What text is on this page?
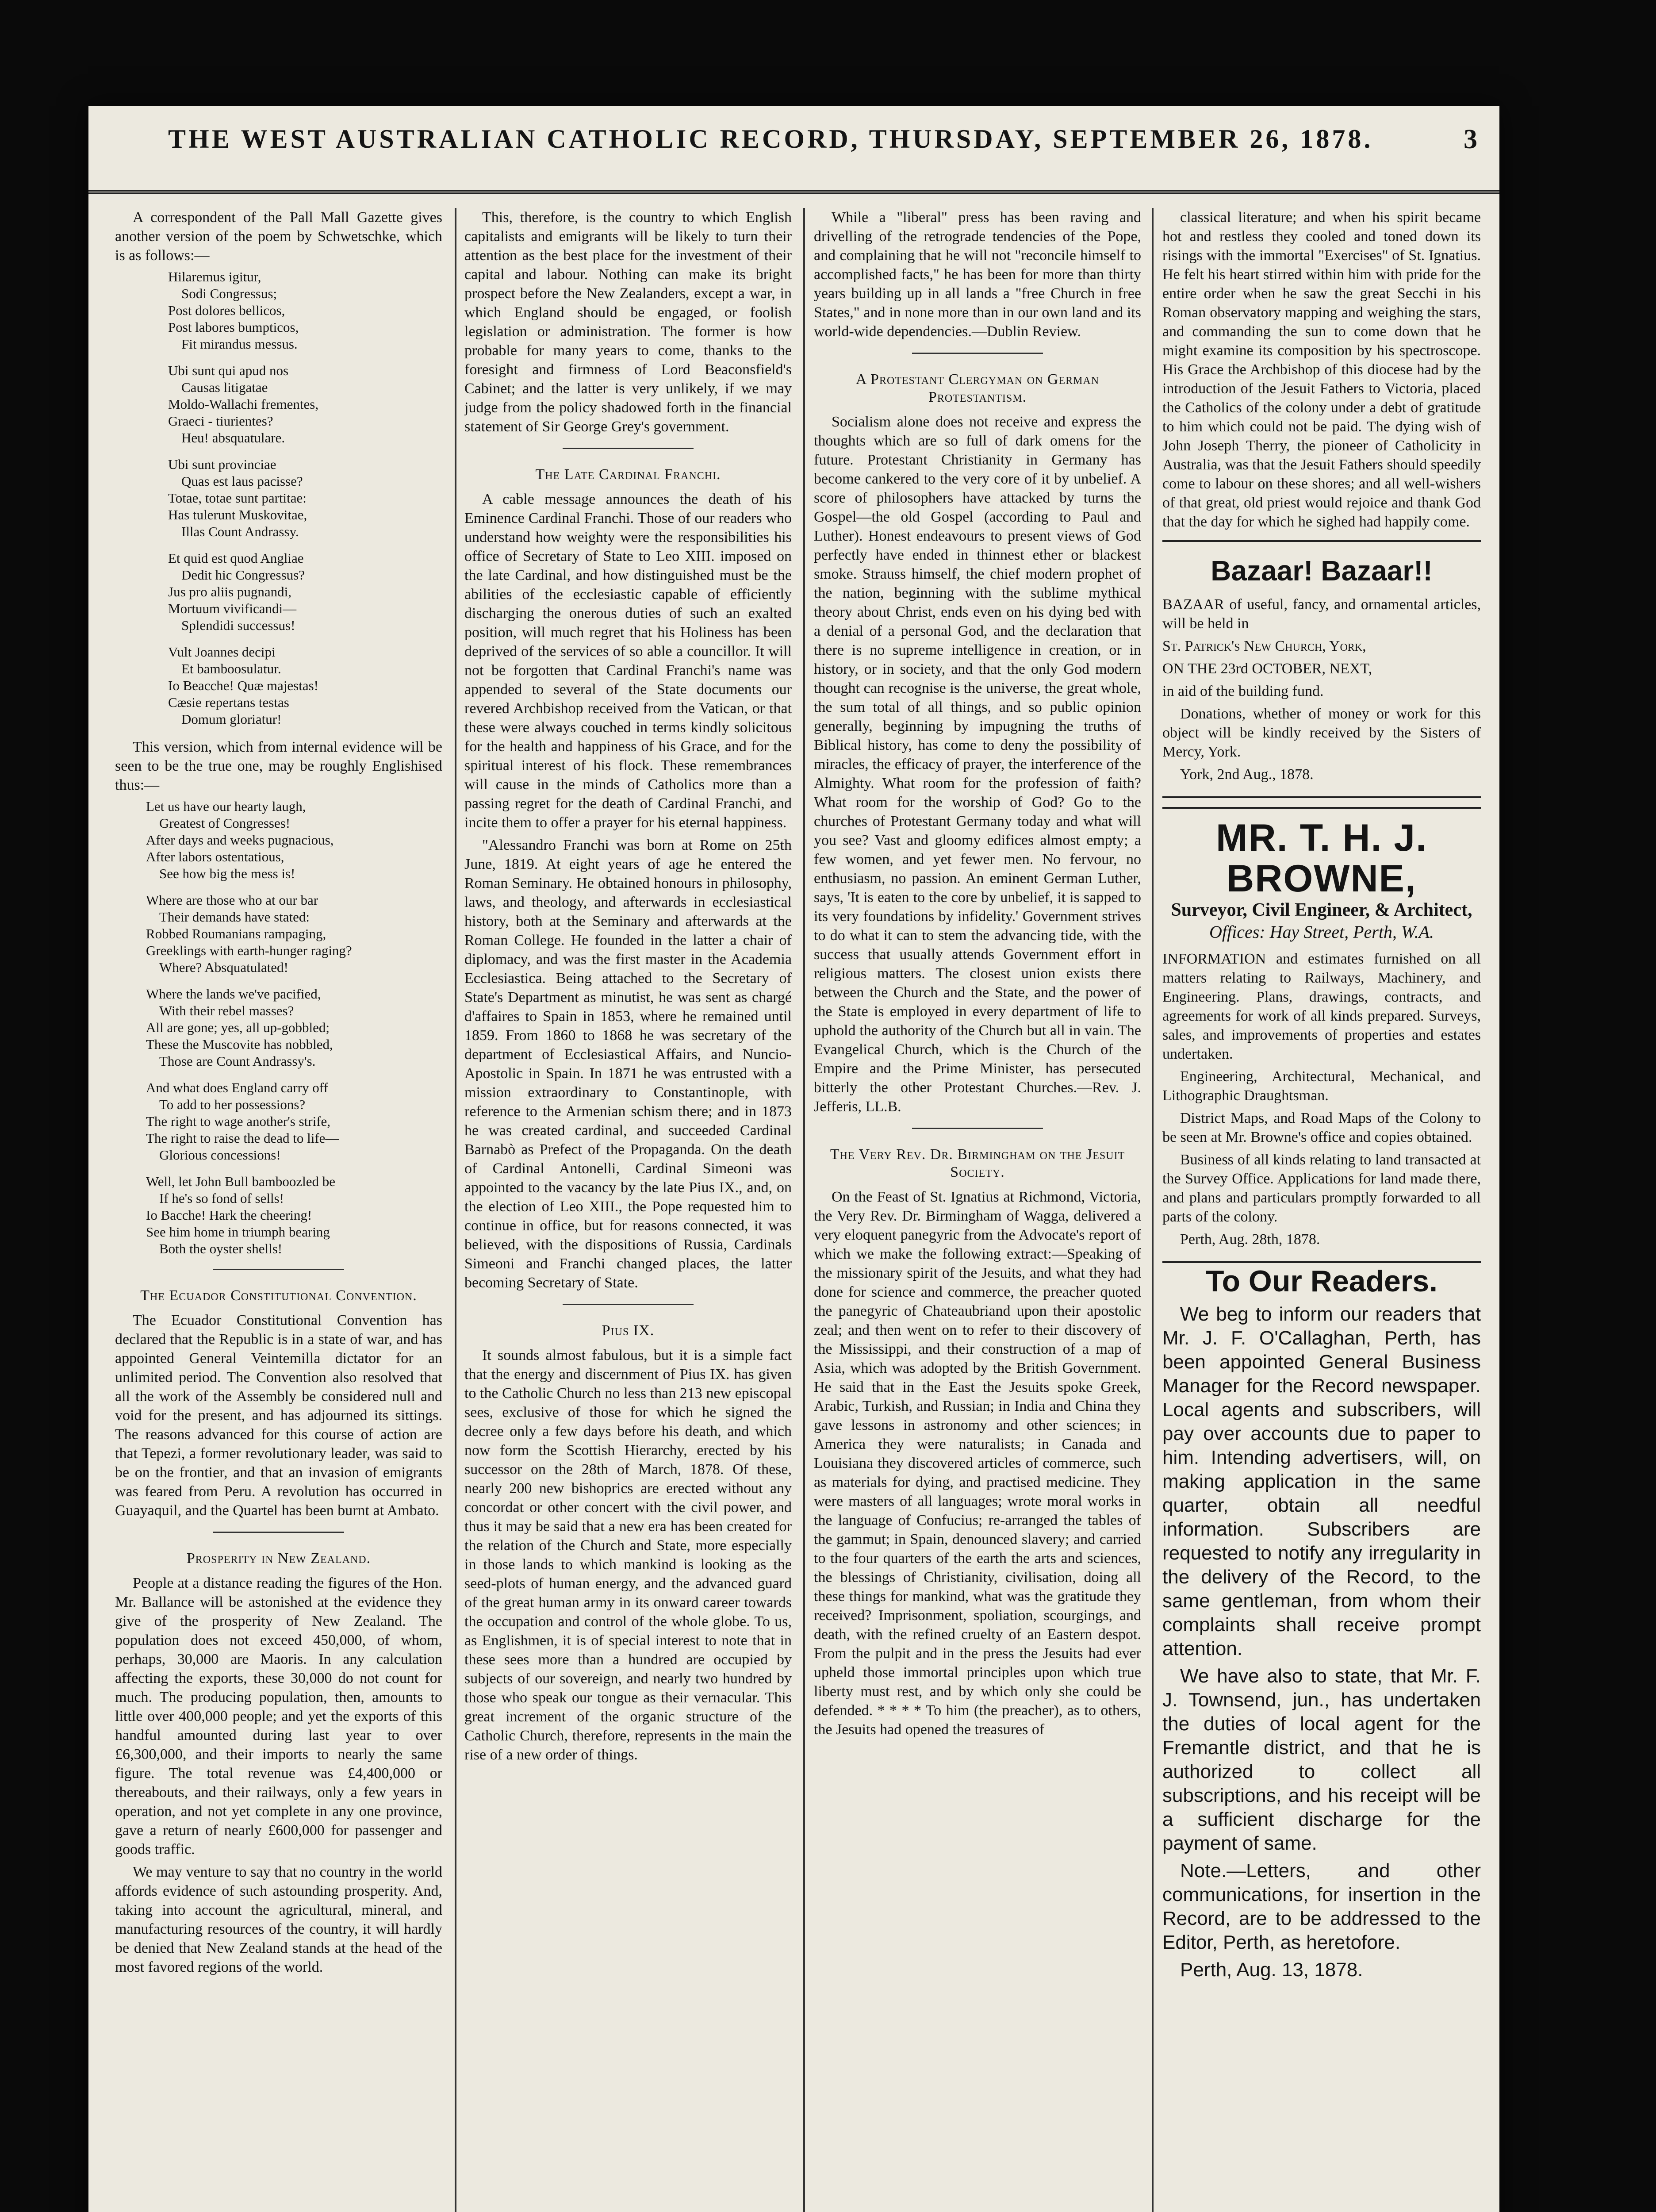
THE WEST AUSTRALIAN CATHOLIC RECORD, THURSDAY, SEPTEMBER 26, 1878.	3

A correspondent of the Pall Mall Gazette gives another version of the poem by Schwetschke, which is as follows:—

Hilaremus igitur,
Sodi Congressus;
Post dolores bellicos,
Post labores bumpticos,
Fit mirandus messus.
Ubi sunt qui apud nos
Causas litigatae
Moldo-Wallachi frementes,
Graeci - tiurientes?
Heu! absquatulare.
Ubi sunt provinciae
Quas est laus pacisse?
Totae, totae sunt partitae:
Has tulerunt Muskovitae,
Illas Count Andrassy.
Et quid est quod Angliae
Dedit hic Congressus?
Jus pro aliis pugnandi,
Mortuum vivificandi—
Splendidi successus!
Vult Joannes decipi
Et bamboosulatur.
Io Beacche! Quæ majestas!
Cæsie repertans testas
Domum gloriatur!

This version, which from internal evidence will be seen to be the true one, may be roughly Englishised thus:—

Let us have our hearty laugh,
Greatest of Congresses!
After days and weeks pugnacious,
After labors ostentatious,
See how big the mess is!
Where are those who at our bar
Their demands have stated:
Robbed Roumanians rampaging,
Greeklings with earth-hunger raging?
Where? Absquatulated!
Where the lands we've pacified,
With their rebel masses?
All are gone; yes, all up-gobbled;
These the Muscovite has nobbled,
Those are Count Andrassy's.
And what does England carry off
To add to her possessions?
The right to wage another's strife,
The right to raise the dead to life—
Glorious concessions!
Well, let John Bull bamboozled be
If he's so fond of sells!
Io Bacche! Hark the cheering!
See him home in triumph bearing
Both the oyster shells!
The Ecuador Constitutional Convention.

The Ecuador Constitutional Convention has declared that the Republic is in a state of war, and has appointed General Veintemilla dictator for an unlimited period. The Convention also resolved that all the work of the Assembly be considered null and void for the present, and has adjourned its sittings. The reasons advanced for this course of action are that Tepezi, a former revolutionary leader, was said to be on the frontier, and that an invasion of emigrants was feared from Peru. A revolution has occurred in Guayaquil, and the Quartel has been burnt at Ambato.

Prosperity in New Zealand.

People at a distance reading the figures of the Hon. Mr. Ballance will be astonished at the evidence they give of the prosperity of New Zealand. The population does not exceed 450,000, of whom, perhaps, 30,000 are Maoris. In any calculation affecting the exports, these 30,000 do not count for much. The producing population, then, amounts to little over 400,000 people; and yet the exports of this handful amounted during last year to over £6,300,000, and their imports to nearly the same figure. The total revenue was £4,400,000 or thereabouts, and their railways, only a few years in operation, and not yet complete in any one province, gave a return of nearly £600,000 for passenger and goods traffic.

We may venture to say that no country in the world affords evidence of such astounding prosperity. And, taking into account the agricultural, mineral, and manufacturing resources of the country, it will hardly be denied that New Zealand stands at the head of the most favored regions of the world.

This, therefore, is the country to which English capitalists and emigrants will be likely to turn their attention as the best place for the investment of their capital and labour. Nothing can make its bright prospect before the New Zealanders, except a war, in which England should be engaged, or foolish legislation or administration. The former is how probable for many years to come, thanks to the foresight and firmness of Lord Beaconsfield's Cabinet; and the latter is very unlikely, if we may judge from the policy shadowed forth in the financial statement of Sir George Grey's government.

The Late Cardinal Franchi.

A cable message announces the death of his Eminence Cardinal Franchi. Those of our readers who understand how weighty were the responsibilities his office of Secretary of State to Leo XIII. imposed on the late Cardinal, and how distinguished must be the abilities of the ecclesiastic capable of efficiently discharging the onerous duties of such an exalted position, will much regret that his Holiness has been deprived of the services of so able a councillor. It will not be forgotten that Cardinal Franchi's name was appended to several of the State documents our revered Archbishop received from the Vatican, or that these were always couched in terms kindly solicitous for the health and happiness of his Grace, and for the spiritual interest of his flock. These remembrances will cause in the minds of Catholics more than a passing regret for the death of Cardinal Franchi, and incite them to offer a prayer for his eternal happiness.

"Alessandro Franchi was born at Rome on 25th June, 1819. At eight years of age he entered the Roman Seminary. He obtained honours in philosophy, laws, and theology, and afterwards in ecclesiastical history, both at the Seminary and afterwards at the Roman College. He founded in the latter a chair of diplomacy, and was the first master in the Academia Ecclesiastica. Being attached to the Secretary of State's Department as minutist, he was sent as chargé d'affaires to Spain in 1853, where he remained until 1859. From 1860 to 1868 he was secretary of the department of Ecclesiastical Affairs, and Nuncio-Apostolic in Spain. In 1871 he was entrusted with a mission extraordinary to Constantinople, with reference to the Armenian schism there; and in 1873 he was created cardinal, and succeeded Cardinal Barnabò as Prefect of the Propaganda. On the death of Cardinal Antonelli, Cardinal Simeoni was appointed to the vacancy by the late Pius IX., and, on the election of Leo XIII., the Pope requested him to continue in office, but for reasons connected, it was believed, with the dispositions of Russia, Cardinals Simeoni and Franchi changed places, the latter becoming Secretary of State.

Pius IX.

It sounds almost fabulous, but it is a simple fact that the energy and discernment of Pius IX. has given to the Catholic Church no less than 213 new episcopal sees, exclusive of those for which he signed the decree only a few days before his death, and which now form the Scottish Hierarchy, erected by his successor on the 28th of March, 1878. Of these, nearly 200 new bishoprics are erected without any concordat or other concert with the civil power, and thus it may be said that a new era has been created for the relation of the Church and State, more especially in those lands to which mankind is looking as the seed-plots of human energy, and the advanced guard of the great human army in its onward career towards the occupation and control of the whole globe. To us, as Englishmen, it is of special interest to note that in these sees more than a hundred are occupied by subjects of our sovereign, and nearly two hundred by those who speak our tongue as their vernacular. This great increment of the organic structure of the Catholic Church, therefore, represents in the main the rise of a new order of things.

While a "liberal" press has been raving and drivelling of the retrograde tendencies of the Pope, and complaining that he will not "reconcile himself to accomplished facts," he has been for more than thirty years building up in all lands a "free Church in free States," and in none more than in our own land and its world-wide dependencies.—Dublin Review.

A Protestant Clergyman on German Protestantism.

Socialism alone does not receive and express the thoughts which are so full of dark omens for the future. Protestant Christianity in Germany has become cankered to the very core of it by unbelief. A score of philosophers have attacked by turns the Gospel—the old Gospel (according to Paul and Luther). Honest endeavours to present views of God perfectly have ended in thinnest ether or blackest smoke. Strauss himself, the chief modern prophet of the nation, beginning with the sublime mythical theory about Christ, ends even on his dying bed with a denial of a personal God, and the declaration that there is no supreme intelligence in creation, or in history, or in society, and that the only God modern thought can recognise is the universe, the great whole, the sum total of all things, and so public opinion generally, beginning by impugning the truths of Biblical history, has come to deny the possibility of miracles, the efficacy of prayer, the interference of the Almighty. What room for the profession of faith? What room for the worship of God? Go to the churches of Protestant Germany today and what will you see? Vast and gloomy edifices almost empty; a few women, and yet fewer men. No fervour, no enthusiasm, no passion. An eminent German Luther, says, 'It is eaten to the core by unbelief, it is sapped to its very foundations by infidelity.' Government strives to do what it can to stem the advancing tide, with the success that usually attends Government effort in religious matters. The closest union exists there between the Church and the State, and the power of the State is employed in every department of life to uphold the authority of the Church but all in vain. The Evangelical Church, which is the Church of the Empire and the Prime Minister, has persecuted bitterly the other Protestant Churches.—Rev. J. Jefferis, LL.B.

The Very Rev. Dr. Birmingham on the Jesuit Society.

On the Feast of St. Ignatius at Richmond, Victoria, the Very Rev. Dr. Birmingham of Wagga, delivered a very eloquent panegyric from the Advocate's report of which we make the following extract:—Speaking of the missionary spirit of the Jesuits, and what they had done for science and commerce, the preacher quoted the panegyric of Chateaubriand upon their apostolic zeal; and then went on to refer to their discovery of the Mississippi, and their construction of a map of Asia, which was adopted by the British Government. He said that in the East the Jesuits spoke Greek, Arabic, Turkish, and Russian; in India and China they gave lessons in astronomy and other sciences; in America they were naturalists; in Canada and Louisiana they discovered articles of commerce, such as materials for dying, and practised medicine. They were masters of all languages; wrote moral works in the language of Confucius; re-arranged the tables of the gammut; in Spain, denounced slavery; and carried to the four quarters of the earth the arts and sciences, the blessings of Christianity, civilisation, doing all these things for mankind, what was the gratitude they received? Imprisonment, spoliation, scourgings, and death, with the refined cruelty of an Eastern despot. From the pulpit and in the press the Jesuits had ever upheld those immortal principles upon which true liberty must rest, and by which only she could be defended. * * * * To him (the preacher), as to others, the Jesuits had opened the treasures of

classical literature; and when his spirit became hot and restless they cooled and toned down its risings with the immortal "Exercises" of St. Ignatius. He felt his heart stirred within him with pride for the entire order when he saw the great Secchi in his Roman observatory mapping and weighing the stars, and commanding the sun to come down that he might examine its composition by his spectroscope. His Grace the Archbishop of this diocese had by the introduction of the Jesuit Fathers to Victoria, placed the Catholics of the colony under a debt of gratitude to him which could not be paid. The dying wish of John Joseph Therry, the pioneer of Catholicity in Australia, was that the Jesuit Fathers should speedily come to labour on these shores; and all well-wishers of that great, old priest would rejoice and thank God that the day for which he sighed had happily come.

Bazaar! Bazaar!!

BAZAAR of useful, fancy, and ornamental articles, will be held in

St. Patrick's New Church, York,

ON THE 23rd OCTOBER, NEXT,

in aid of the building fund.

Donations, whether of money or work for this object will be kindly received by the Sisters of Mercy, York.

York, 2nd Aug., 1878.

MR. T. H. J. BROWNE,
Surveyor, Civil Engineer, & Architect,
Offices: Hay Street, Perth, W.A.

INFORMATION and estimates furnished on all matters relating to Railways, Machinery, and Engineering. Plans, drawings, contracts, and agreements for work of all kinds prepared. Surveys, sales, and improvements of properties and estates undertaken.

Engineering, Architectural, Mechanical, and Lithographic Draughtsman.

District Maps, and Road Maps of the Colony to be seen at Mr. Browne's office and copies obtained.

Business of all kinds relating to land transacted at the Survey Office. Applications for land made there, and plans and particulars promptly forwarded to all parts of the colony.

Perth, Aug. 28th, 1878.

To Our Readers.

We beg to inform our readers that Mr. J. F. O'Callaghan, Perth, has been appointed General Business Manager for the Record newspaper. Local agents and subscribers, will pay over accounts due to paper to him. Intending advertisers, will, on making application in the same quarter, obtain all needful information. Subscribers are requested to notify any irregularity in the delivery of the Record, to the same gentleman, from whom their complaints shall receive prompt attention.

We have also to state, that Mr. F. J. Townsend, jun., has undertaken the duties of local agent for the Fremantle district, and that he is authorized to collect all subscriptions, and his receipt will be a sufficient discharge for the payment of same.

Note.—Letters, and other communications, for insertion in the Record, are to be addressed to the Editor, Perth, as heretofore.

Perth, Aug. 13, 1878.
